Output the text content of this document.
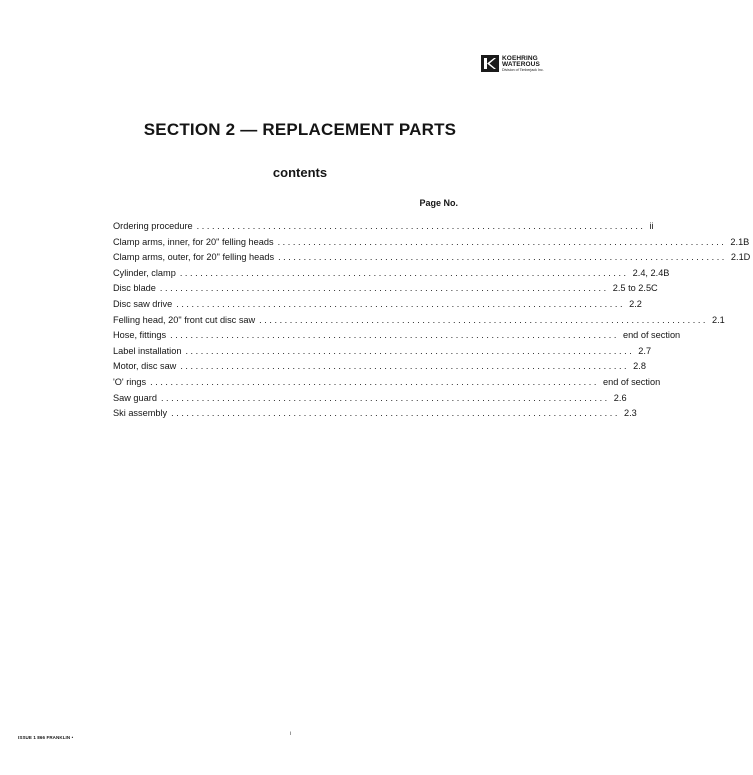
KOEHRING
WATEROUS
Division of Timberjack Inc.
SECTION 2 — REPLACEMENT PARTS
contents
Page No.
Ordering procedure ........................................................................................ ii
Clamp arms, inner, for 20" felling heads ........................................................................................ 2.1B
Clamp arms, outer, for 20" felling heads ........................................................................................ 2.1D
Cylinder, clamp ........................................................................................ 2.4, 2.4B
Disc blade ........................................................................................ 2.5 to 2.5C
Disc saw drive ........................................................................................ 2.2
Felling head, 20" front cut disc saw ........................................................................................ 2.1
Hose, fittings ........................................................................................ end of section
Label installation ........................................................................................ 2.7
Motor, disc saw ........................................................................................ 2.8
'O' rings ........................................................................................ end of section
Saw guard ........................................................................................ 2.6
Ski assembly ........................................................................................ 2.3
ISSUE 1 866 FRANKLIN •
i
